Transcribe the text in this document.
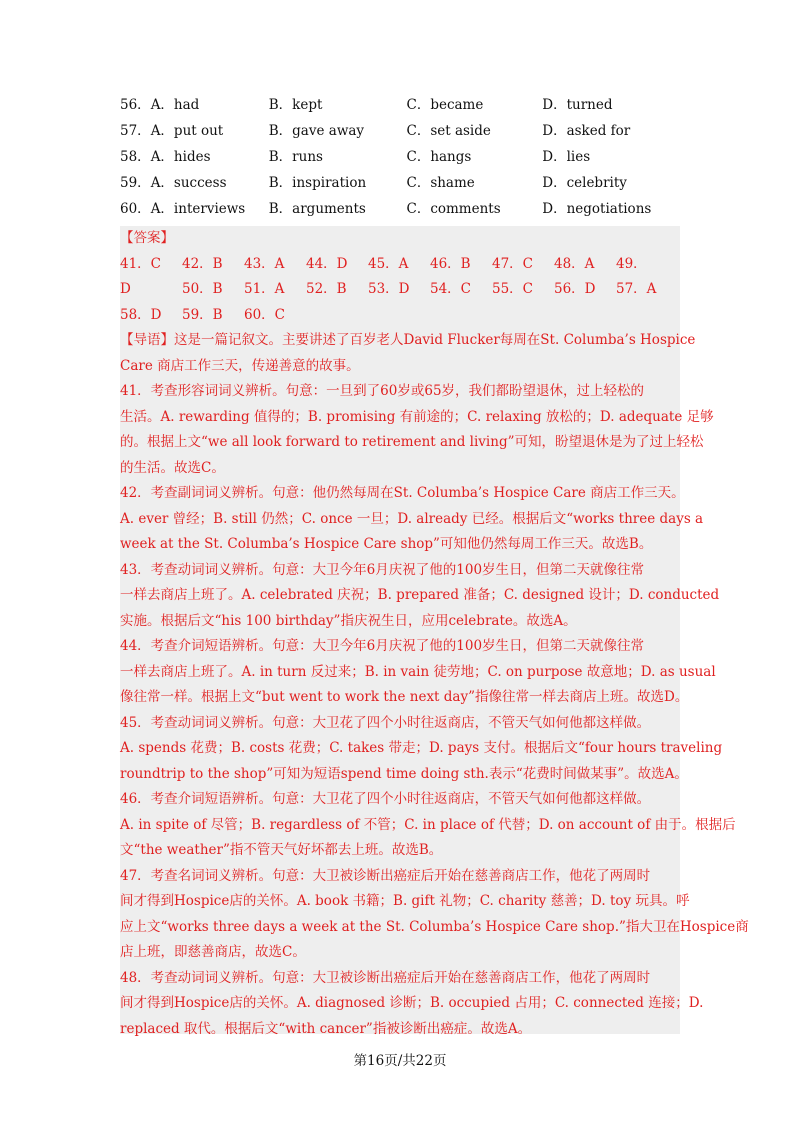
56． A．had	B．kept	C．became	D．turned
57． A．put out	B．gave away	C．set aside	D．asked for
58． A．hides	B．runs	C．hangs	D．lies
59． A．success	B．inspiration	C．shame	D．celebrity
60． A．interviews	B．arguments	C．comments	D．negotiations
【答案】
41．C	42．B	43．A	44．D	45．A	46．B	47．C	48．A	49．
D	50．B	51．A	52．B	53．D	54．C	55．C	56．D	57．A
58．D	59．B	60．C
【导语】这是一篇记叙文。主要讲述了百岁老人David Flucker每周在St. Columba’s Hospice
Care 商店工作三天，传递善意的故事。
41．考查形容词词义辨析。句意：一旦到了60岁或65岁，我们都盼望退休，过上轻松的
生活。A. rewarding 值得的；B. promising 有前途的；C. relaxing 放松的；D. adequate 足够
的。根据上文“we all look forward to retirement and living”可知，盼望退休是为了过上轻松
的生活。故选C。
42．考查副词词义辨析。句意：他仍然每周在St. Columba’s Hospice Care 商店工作三天。
A. ever 曾经；B. still 仍然；C. once 一旦；D. already 已经。根据后文“works three days a
week at the St. Columba’s Hospice Care shop”可知他仍然每周工作三天。故选B。
43．考查动词词义辨析。句意：大卫今年6月庆祝了他的100岁生日，但第二天就像往常
一样去商店上班了。A. celebrated 庆祝；B. prepared 准备；C. designed 设计；D. conducted
实施。根据后文“his 100 birthday”指庆祝生日，应用celebrate。故选A。
44．考查介词短语辨析。句意：大卫今年6月庆祝了他的100岁生日，但第二天就像往常
一样去商店上班了。A. in turn 反过来；B. in vain 徒劳地；C. on purpose 故意地；D. as usual
像往常一样。根据上文“but went to work the next day”指像往常一样去商店上班。故选D。
45．考查动词词义辨析。句意：大卫花了四个小时往返商店，不管天气如何他都这样做。
A. spends 花费；B. costs 花费；C. takes 带走；D. pays 支付。根据后文“four hours traveling
roundtrip to the shop”可知为短语spend time doing sth.表示“花费时间做某事”。故选A。
46．考查介词短语辨析。句意：大卫花了四个小时往返商店，不管天气如何他都这样做。
A. in spite of 尽管；B. regardless of 不管；C. in place of 代替；D. on account of 由于。根据后
文“the weather”指不管天气好坏都去上班。故选B。
47．考查名词词义辨析。句意：大卫被诊断出癌症后开始在慈善商店工作，他花了两周时
间才得到Hospice店的关怀。A. book 书籍；B. gift 礼物；C. charity 慈善；D. toy 玩具。呼
应上文“works three days a week at the St. Columba’s Hospice Care shop.”指大卫在Hospice商
店上班，即慈善商店，故选C。
48．考查动词词义辨析。句意：大卫被诊断出癌症后开始在慈善商店工作，他花了两周时
间才得到Hospice店的关怀。A. diagnosed 诊断；B. occupied 占用；C. connected 连接；D.
replaced 取代。根据后文“with cancer”指被诊断出癌症。故选A。
第16页/共22页
